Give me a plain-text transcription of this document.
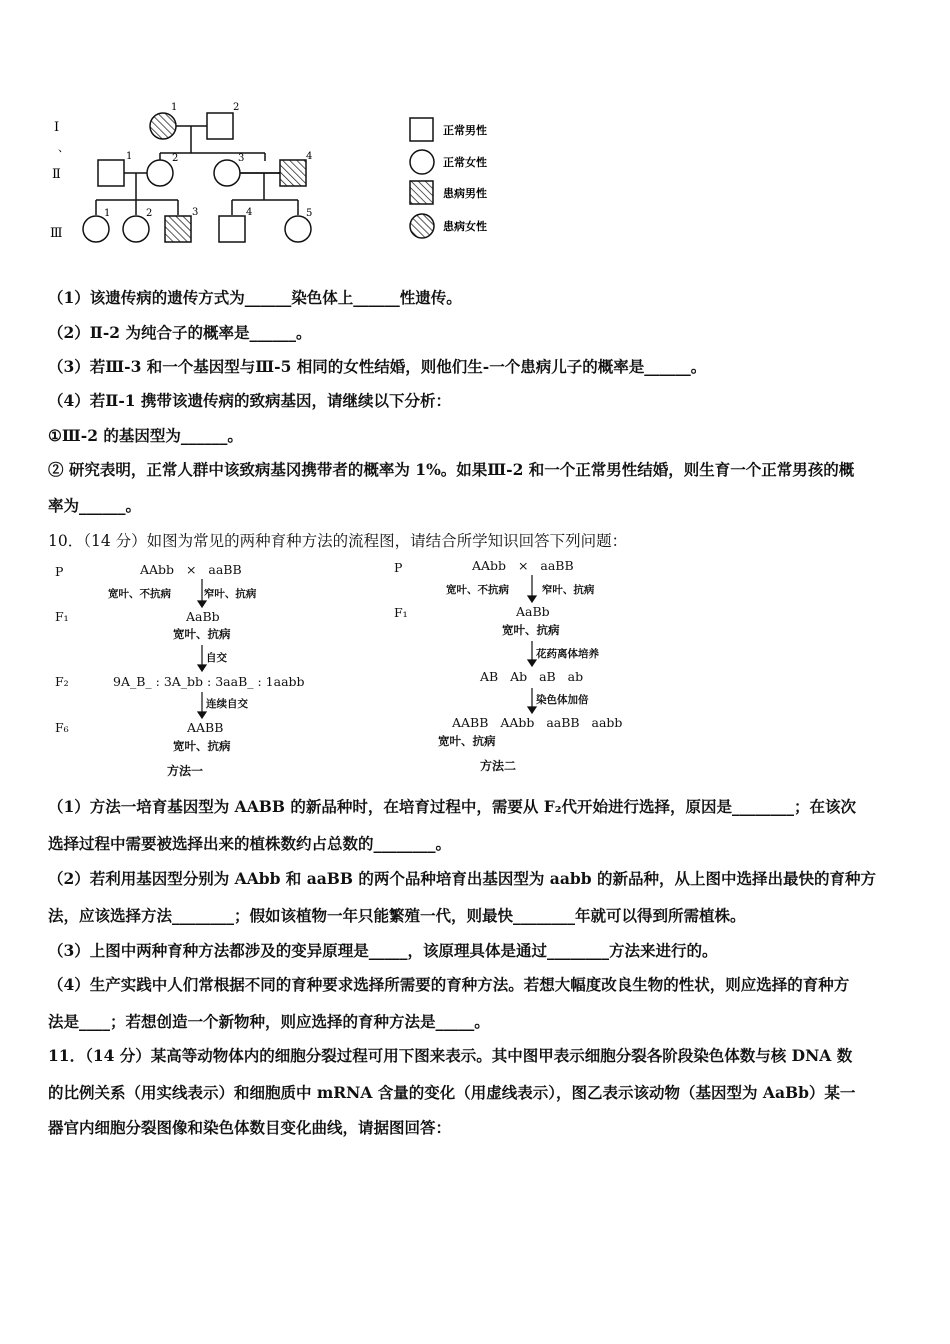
Ⅰ
、
Ⅱ
Ⅲ
1	2
1	2	3	4
1	2	3	4	5
正常男性
正常女性
患病男性
患病女性
（1）该遗传病的遗传方式为______染色体上______性遗传。
（2）Ⅱ-2 为纯合子的概率是______。
（3）若Ⅲ-3 和一个基因型与Ⅲ-5 相同的女性结婚，则他们生-一个患病儿子的概率是______。
（4）若Ⅱ-1 携带该遗传病的致病基因，请继续以下分析：
①Ⅲ-2 的基因型为______。
② 研究表明，正常人群中该致病基冈携带者的概率为 1%。如果Ⅲ-2 和一个正常男性结婚，则生育一个正常男孩的概
率为______。
10．（14 分）如图为常见的两种育种方法的流程图，请结合所学知识回答下列问题：
P
F₁
F₂
F₆
AAbb   ×   aaBB
宽叶、不抗病         窄叶、抗病
AaBb
宽叶、抗病
自交
9A_B_ : 3A_bb : 3aaB_ : 1aabb
连续自交
AABB
宽叶、抗病
方法一
P
F₁
AAbb   ×   aaBB
宽叶、不抗病         窄叶、抗病
AaBb
宽叶、抗病
花药离体培养
AB   Ab   aB   ab
染色体加倍
AABB   AAbb   aaBB   aabb
宽叶、抗病
方法二
（1）方法一培育基因型为 AABB 的新品种时，在培育过程中，需要从 F₂代开始进行选择，原因是________；在该次
选择过程中需要被选择出来的植株数约占总数的________。
（2）若利用基因型分别为 AAbb 和 aaBB 的两个品种培育出基因型为 aabb 的新品种，从上图中选择出最快的育种方
法，应该选择方法________；假如该植物一年只能繁殖一代，则最快________年就可以得到所需植株。
（3）上图中两种育种方法都涉及的变异原理是_____，该原理具体是通过________方法来进行的。
（4）生产实践中人们常根据不同的育种要求选择所需要的育种方法。若想大幅度改良生物的性状，则应选择的育种方
法是____；若想创造一个新物种，则应选择的育种方法是_____。
11．（14 分）某高等动物体内的细胞分裂过程可用下图来表示。其中图甲表示细胞分裂各阶段染色体数与核 DNA 数
的比例关系（用实线表示）和细胞质中 mRNA 含量的变化（用虚线表示），图乙表示该动物（基因型为 AaBb）某一
器官内细胞分裂图像和染色体数目变化曲线，请据图回答：
